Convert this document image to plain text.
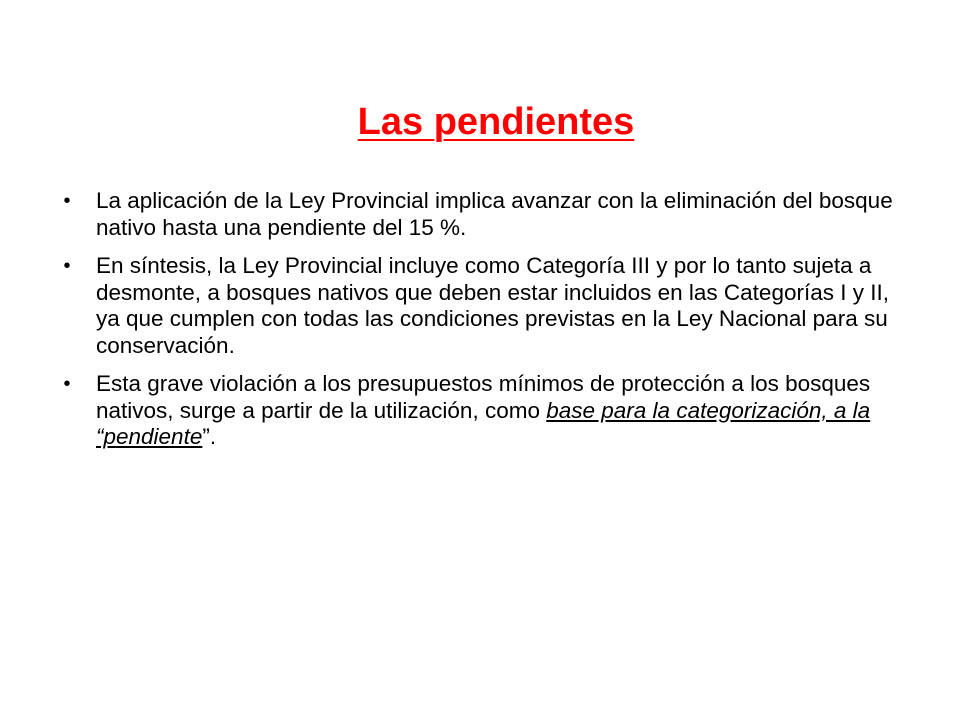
Las pendientes
• La aplicación de la Ley Provincial implica avanzar con la eliminación del bosque nativo hasta una pendiente del 15 %.
• En síntesis, la Ley Provincial incluye como Categoría III y por lo tanto sujeta a desmonte, a bosques nativos que deben estar incluidos en las Categorías I y II, ya que cumplen con todas las condiciones previstas en la Ley Nacional para su conservación.
• Esta grave violación a los presupuestos mínimos de protección a los bosques nativos, surge a partir de la utilización, como base para la categorización, a la “pendiente”.
